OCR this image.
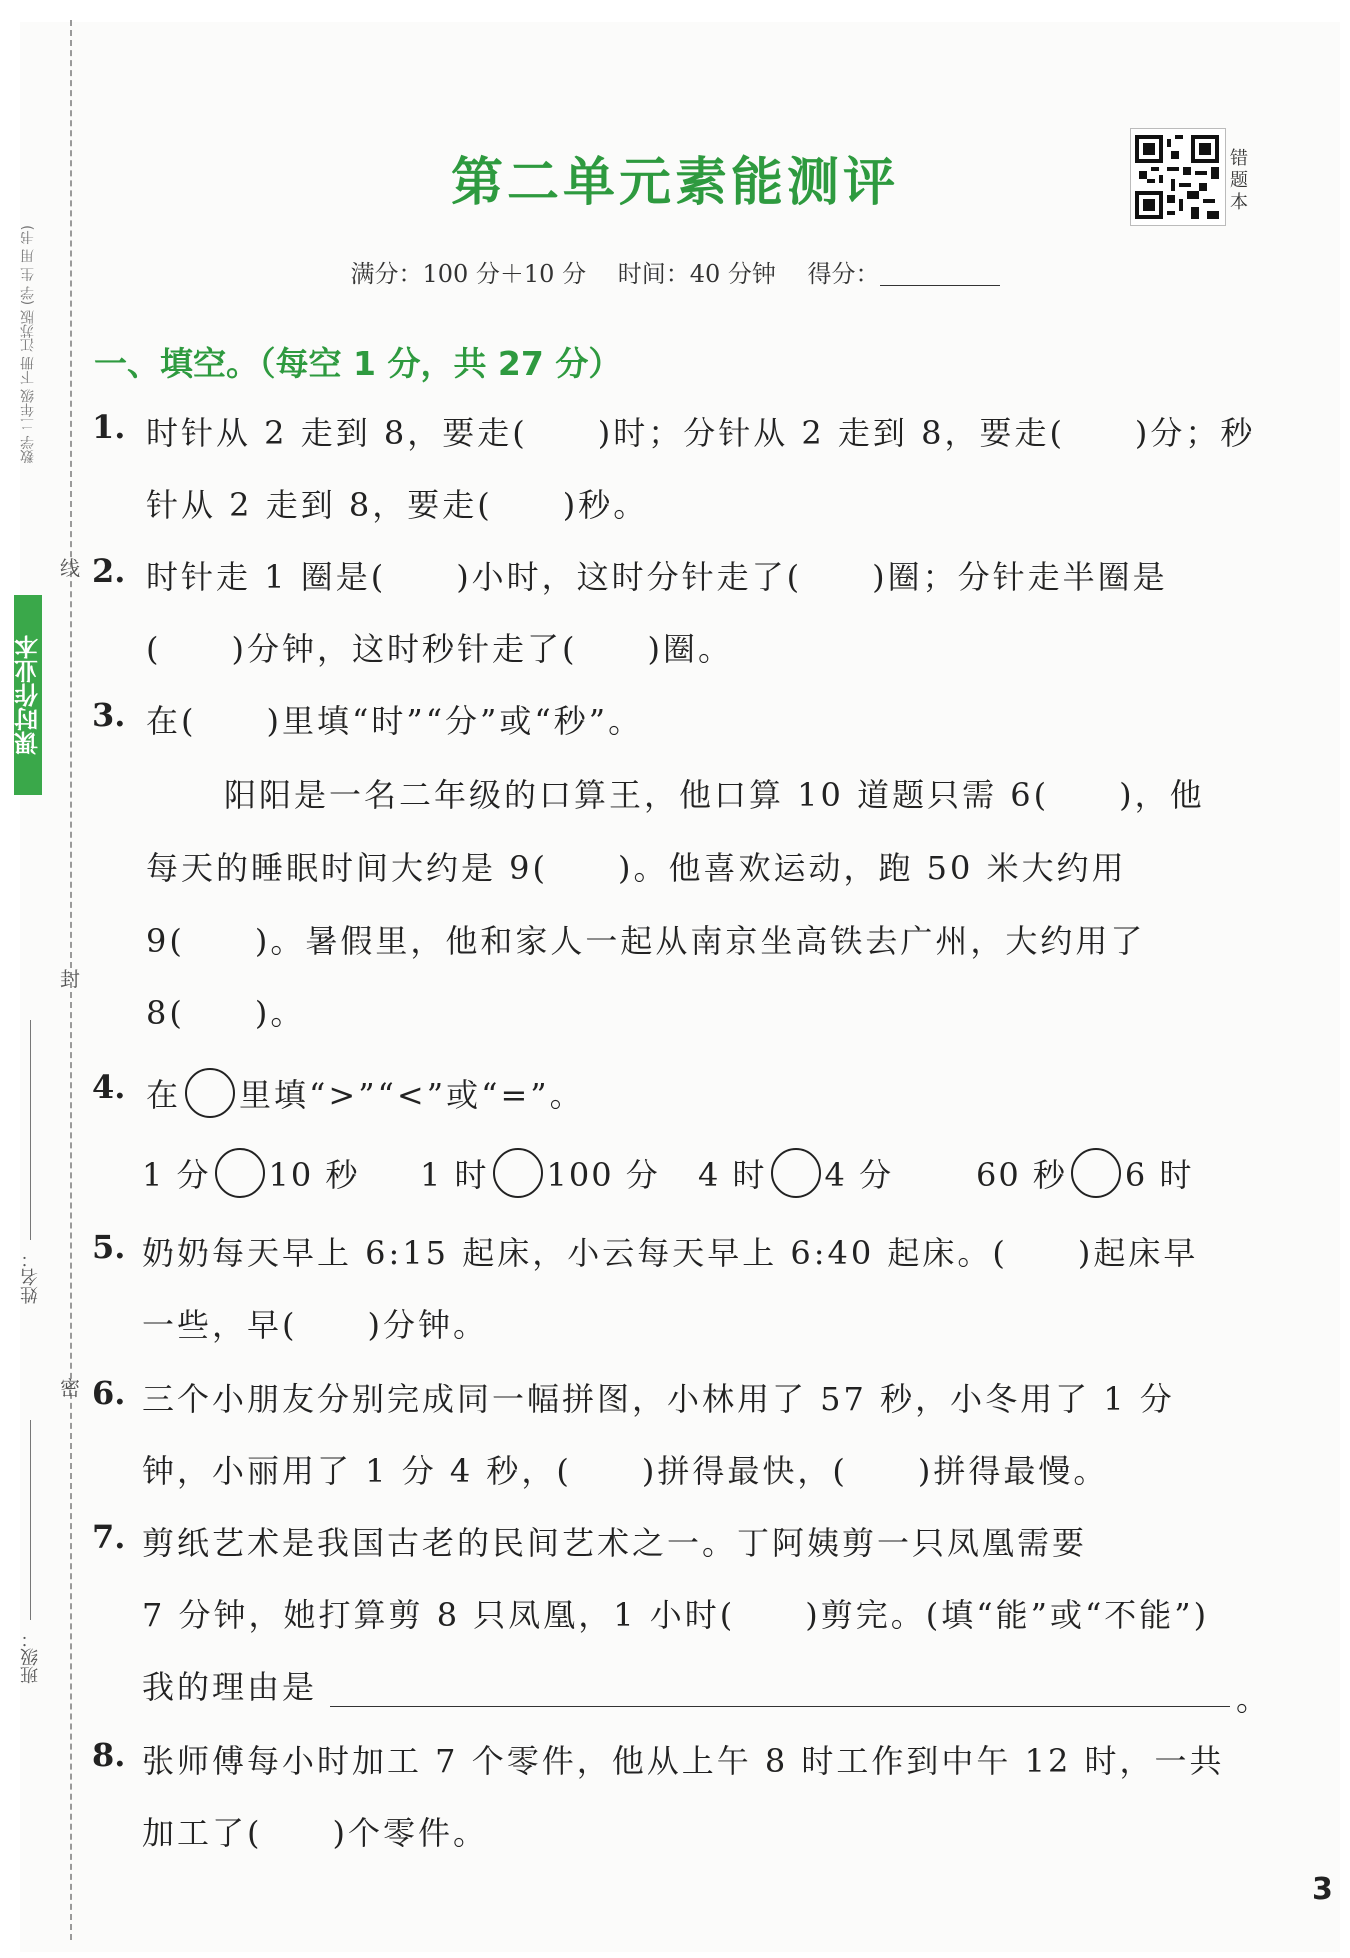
数学 二年级 下册 江苏版 (学 生 用 书)
课时作业本
线
封
密
姓名：
班级：
第二单元素能测评	错题本
满分：100 分＋10 分 时间：40 分钟 得分：
一、填空。（每空 1 分，共 27 分）
1. 时针从 2 走到 8，要走(　　)时；分针从 2 走到 8，要走(　　)分；秒
针从 2 走到 8，要走(　　)秒。
2. 时针走 1 圈是(　　)小时，这时分针走了(　　)圈；分针走半圈是
(　　)分钟，这时秒针走了(　　)圈。
3. 在(　　)里填“时”“分”或“秒”。
阳阳是一名二年级的口算王，他口算 10 道题只需 6(　　)，他
每天的睡眠时间大约是 9(　　)。他喜欢运动，跑 50 米大约用
9(　　)。暑假里，他和家人一起从南京坐高铁去广州，大约用了
8(　　)。
4. 在 里填“>”“<”或“=”。
1 分 10 秒 1 时 100 分 4 时 4 分	60 秒 6 时
5. 奶奶每天早上 6:15 起床，小云每天早上 6:40 起床。(　　)起床早
一些，早(　　)分钟。
6. 三个小朋友分别完成同一幅拼图，小林用了 57 秒，小冬用了 1 分
钟，小丽用了 1 分 4 秒，(　　)拼得最快，(　　)拼得最慢。
7. 剪纸艺术是我国古老的民间艺术之一。丁阿姨剪一只凤凰需要
7 分钟，她打算剪 8 只凤凰，1 小时(　　)剪完。(填“能”或“不能”)
我的理由是	。
8. 张师傅每小时加工 7 个零件，他从上午 8 时工作到中午 12 时，一共
加工了(　　)个零件。
3
